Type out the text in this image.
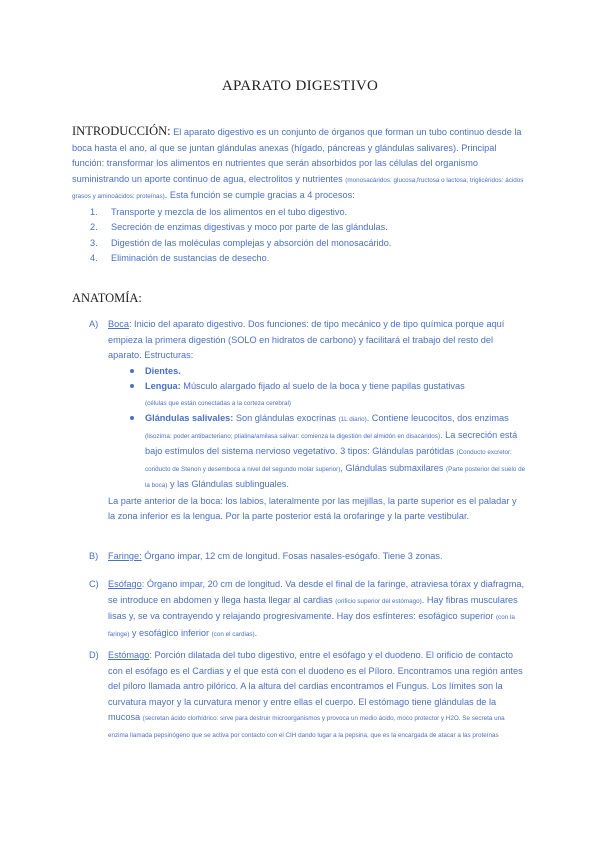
APARATO DIGESTIVO
INTRODUCCIÓN: El aparato digestivo es un conjunto de órganos que forman un tubo continuo desde la boca hasta el ano, al que se juntan glándulas anexas (hígado, páncreas y glándulas salivares). Principal función: transformar los alimentos en nutrientes que serán absorbidos por las células del organismo suministrando un aporte continuo de agua, electrolitos y nutrientes (monosacáridos: glucosa,fructosa o lactosa; triglicéridos: ácidos grasos y aminoácidos: proteínas). Esta función se cumple gracias a 4 procesos:
1. Transporte y mezcla de los alimentos en el tubo digestivo.
2. Secreción de enzimas digestivas y moco por parte de las glándulas.
3. Digestión de las moléculas complejas y absorción del monosacárido.
4. Eliminación de sustancias de desecho.
ANATOMÍA:
A) Boca: Inicio del aparato digestivo. Dos funciones: de tipo mecánico y de tipo química porque aquí empieza la primera digestión (SOLO en hidratos de carbono) y facilitará el trabajo del resto del aparato. Estructuras:
Dientes.
Lengua: Músculo alargado fijado al suelo de la boca y tiene papilas gustativas
(células que están conectadas a la corteza cerebral)
Glándulas salivales: Son glándulas exocrinas (1L diario). Contiene leucocitos, dos enzimas (lisozima: poder antibacteriano; ptialina/amilasa salivar: comienza la digestión del almidón en disacáridos). La secreción está bajo estímulos del sistema nervioso vegetativo. 3 tipos: Glándulas parótidas (Conducto excretor: conducto de Stenon y desemboca a nivel del segundo molar superior), Glándulas submaxilares (Parte posterior del suelo de la boca) y las Glándulas sublinguales.
La parte anterior de la boca: los labios, lateralmente por las mejillas, la parte superior es el paladar y la zona inferior es la lengua. Por la parte posterior está la orofaringe y la parte vestibular.
B) Faringe: Órgano impar, 12 cm de longitud. Fosas nasales-esógafo. Tiene 3 zonas.
C) Esófago: Órgano impar, 20 cm de longitud. Va desde el final de la faringe, atraviesa tórax y diafragma, se introduce en abdomen y llega hasta llegar al cardias (orificio superior del estómago). Hay fibras musculares lisas y, se va contrayendo y relajando progresivamente. Hay dos esfínteres: esofágico superior (con la faringe) y esofágico inferior (con el cardias).
D) Estómago: Porción dilatada del tubo digestivo, entre el esófago y el duodeno. El orificio de contacto con el esófago es el Cardias y el que está con el duodeno es el Píloro. Encontramos una región antes del píloro llamada antro pilórico. A la altura del cardias encontramos el Fungus. Los límites son la curvatura mayor y la curvatura menor y entre ellas el cuerpo. El estómago tiene glándulas de la mucosa (secretan ácido clorhídrico: sirve para destruir microorganismos y provoca un medio ácido, moco protector y H2O. Se secreta una enzima llamada pepsinógeno que se activa por contacto con el CIH dando lugar a la pepsina, que es la encargada de atacar a las proteínas
